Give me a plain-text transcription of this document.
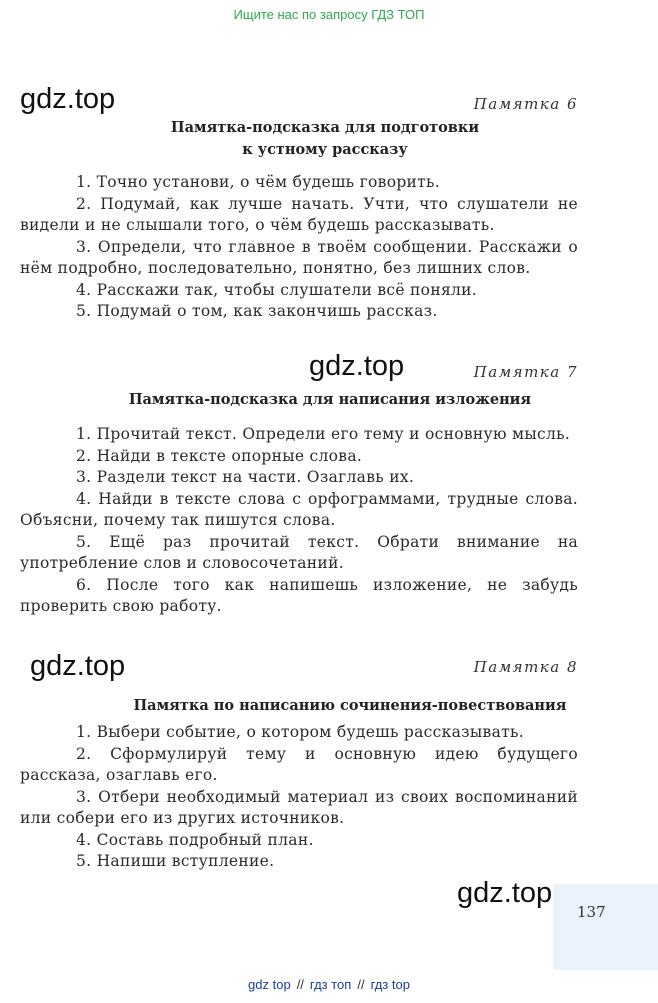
Ищите нас по запросу ГДЗ ТОП
gdz.top
gdz.top
gdz.top
gdz.top
Памятка 6
Памятка-подсказка для подготовки
к устному рассказу
1. Точно установи, о чём будешь говорить.
2. Подумай, как лучше начать. Учти, что слушатели не видели и не слышали того, о чём будешь рассказывать.
3. Определи, что главное в твоём сообщении. Расскажи о нём подробно, последовательно, понятно, без лишних слов.
4. Расскажи так, чтобы слушатели всё поняли.
5. Подумай о том, как закончишь рассказ.
Памятка 7
Памятка-подсказка для написания изложения
1. Прочитай текст. Определи его тему и основную мысль.
2. Найди в тексте опорные слова.
3. Раздели текст на части. Озаглавь их.
4. Найди в тексте слова с орфограммами, трудные слова. Объясни, почему так пишутся слова.
5. Ещё раз прочитай текст. Обрати внимание на употребление слов и словосочетаний.
6. После того как напишешь изложение, не забудь проверить свою работу.
Памятка 8
Памятка по написанию сочинения-повествования
1. Выбери событие, о котором будешь рассказывать.
2. Сформулируй тему и основную идею будущего рассказа, озаглавь его.
3. Отбери необходимый материал из своих воспоминаний или собери его из других источников.
4. Составь подробный план.
5. Напиши вступление.
137
gdz top // гдз топ // гдз top
